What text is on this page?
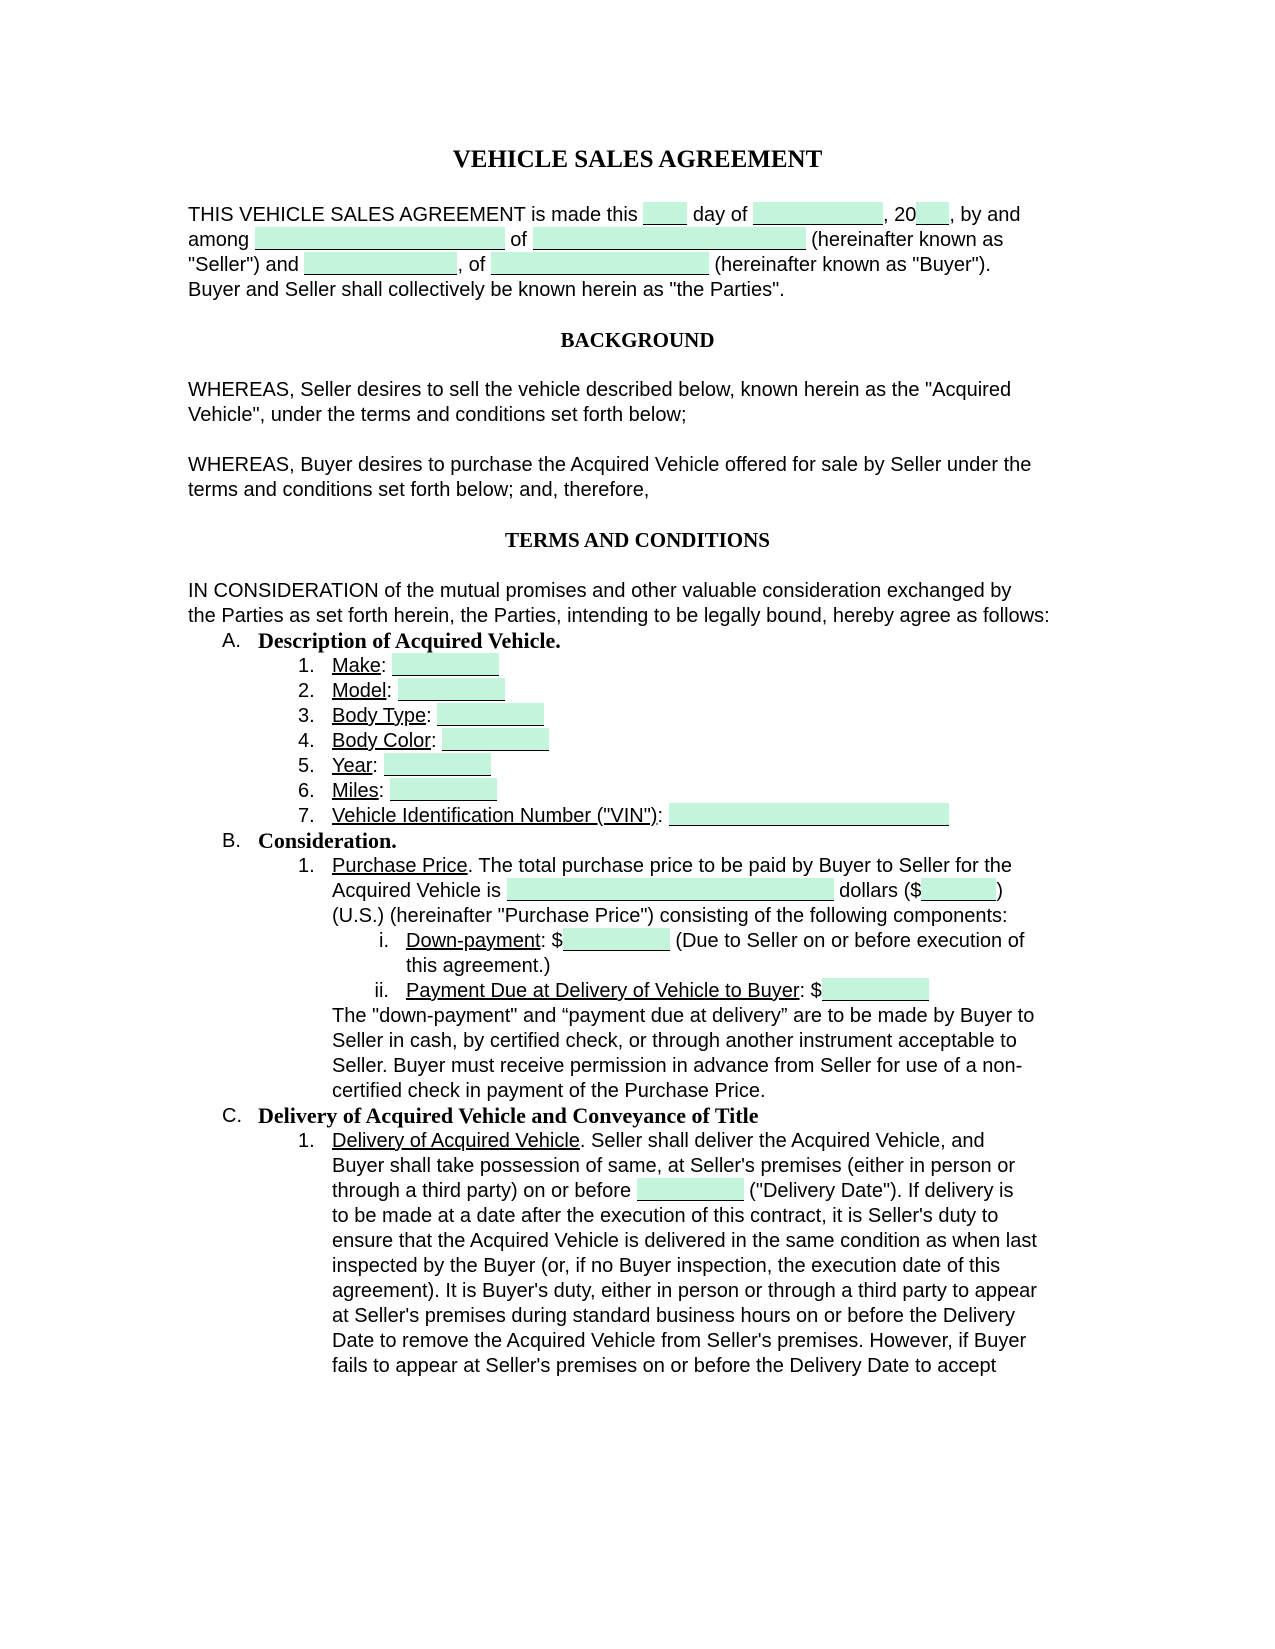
VEHICLE SALES AGREEMENT
THIS VEHICLE SALES AGREEMENT is made this  day of	, 20 , by and
among	of	(hereinafter known as
"Seller") and	, of	(hereinafter known as "Buyer").
Buyer and Seller shall collectively be known herein as "the Parties".
BACKGROUND
WHEREAS, Seller desires to sell the vehicle described below, known herein as the "Acquired
Vehicle", under the terms and conditions set forth below;
WHEREAS, Buyer desires to purchase the Acquired Vehicle offered for sale by Seller under the
terms and conditions set forth below; and, therefore,
TERMS AND CONDITIONS
IN CONSIDERATION of the mutual promises and other valuable consideration exchanged by
the Parties as set forth herein, the Parties, intending to be legally bound, hereby agree as follows:
A. Description of Acquired Vehicle.
1. Make:
2. Model:
3. Body Type:
4. Body Color:
5. Year:
6. Miles:
7. Vehicle Identification Number ("VIN"):
B. Consideration.
1. Purchase Price. The total purchase price to be paid by Buyer to Seller for the
Acquired Vehicle is	dollars ($	)
(U.S.) (hereinafter "Purchase Price") consisting of the following components:
i. Down-payment: $	(Due to Seller on or before execution of
this agreement.)
ii. Payment Due at Delivery of Vehicle to Buyer: $
The "down-payment" and “payment due at delivery” are to be made by Buyer to
Seller in cash, by certified check, or through another instrument acceptable to
Seller. Buyer must receive permission in advance from Seller for use of a non-
certified check in payment of the Purchase Price.
C. Delivery of Acquired Vehicle and Conveyance of Title
1. Delivery of Acquired Vehicle. Seller shall deliver the Acquired Vehicle, and
Buyer shall take possession of same, at Seller's premises (either in person or
through a third party) on or before	("Delivery Date"). If delivery is
to be made at a date after the execution of this contract, it is Seller's duty to
ensure that the Acquired Vehicle is delivered in the same condition as when last
inspected by the Buyer (or, if no Buyer inspection, the execution date of this
agreement). It is Buyer's duty, either in person or through a third party to appear
at Seller's premises during standard business hours on or before the Delivery
Date to remove the Acquired Vehicle from Seller's premises. However, if Buyer
fails to appear at Seller's premises on or before the Delivery Date to accept
